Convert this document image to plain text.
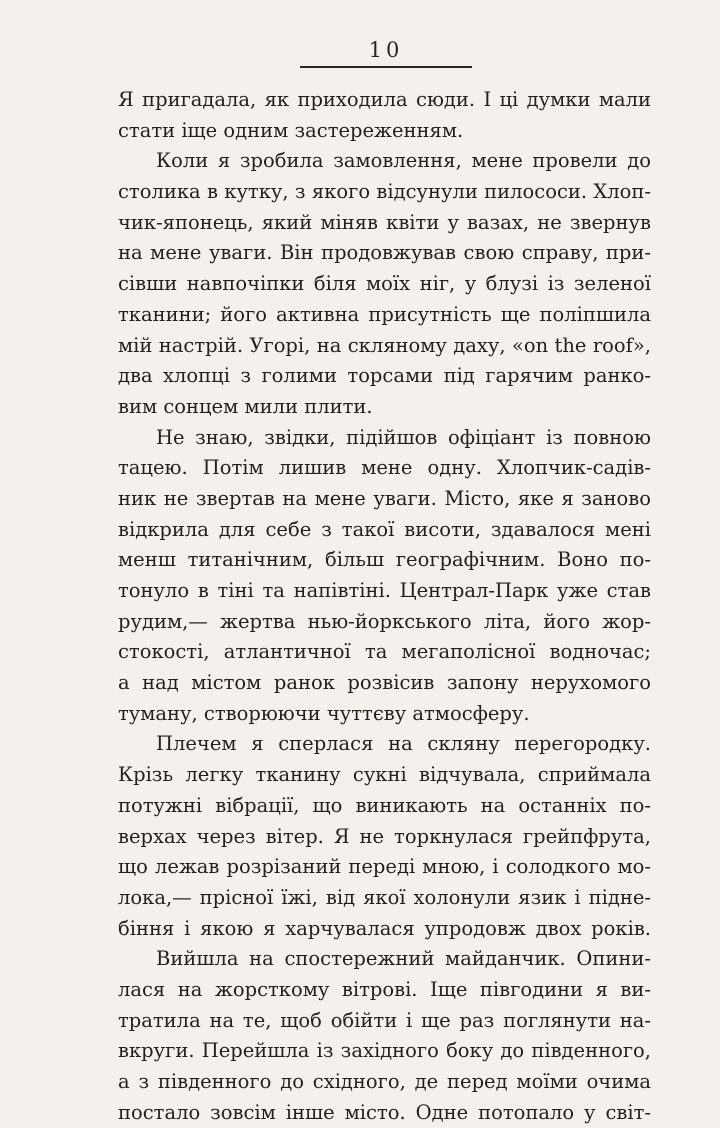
10
Я пригадала, як приходила сюди. І ці думки мали
стати іще одним застереженням.
Коли я зробила замовлення, мене провели до
столика в кутку, з якого відсунули пилососи. Хлоп-
чик-японець, який міняв квіти у вазах, не звернув
на мене уваги. Він продовжував свою справу, при-
сівши навпочіпки біля моїх ніг, у блузі із зеленої
тканини; його активна присутність ще поліпшила
мій настрій. Угорі, на скляному даху, «on the roof»,
два хлопці з голими торсами під гарячим ранко-
вим сонцем мили плити.
Не знаю, звідки, підійшов офіціант із повною
тацею. Потім лишив мене одну. Хлопчик-садів-
ник не звертав на мене уваги. Місто, яке я заново
відкрила для себе з такої висоти, здавалося мені
менш титанічним, більш географічним. Воно по-
тонуло в тіні та напівтіні. Централ-Парк уже став
рудим,— жертва нью-йоркського літа, його жор-
стокості, атлантичної та мегаполісної водночас;
а над містом ранок розвісив запону нерухомого
туману, створюючи чуттєву атмосферу.
Плечем я сперлася на скляну перегородку.
Крізь легку тканину сукні відчувала, сприймала
потужні вібрації, що виникають на останніх по-
верхах через вітер. Я не торкнулася грейпфрута,
що лежав розрізаний переді мною, і солодкого мо-
лока,— прісної їжі, від якої холонули язик і підне-
біння і якою я харчувалася упродовж двох років.
Вийшла на спостережний майданчик. Опини-
лася на жорсткому вітрові. Іще півгодини я ви-
тратила на те, щоб обійти і ще раз поглянути на-
вкруги. Перейшла із західного боку до південного,
а з південного до східного, де перед моїми очима
постало зовсім інше місто. Одне потопало у світ-
